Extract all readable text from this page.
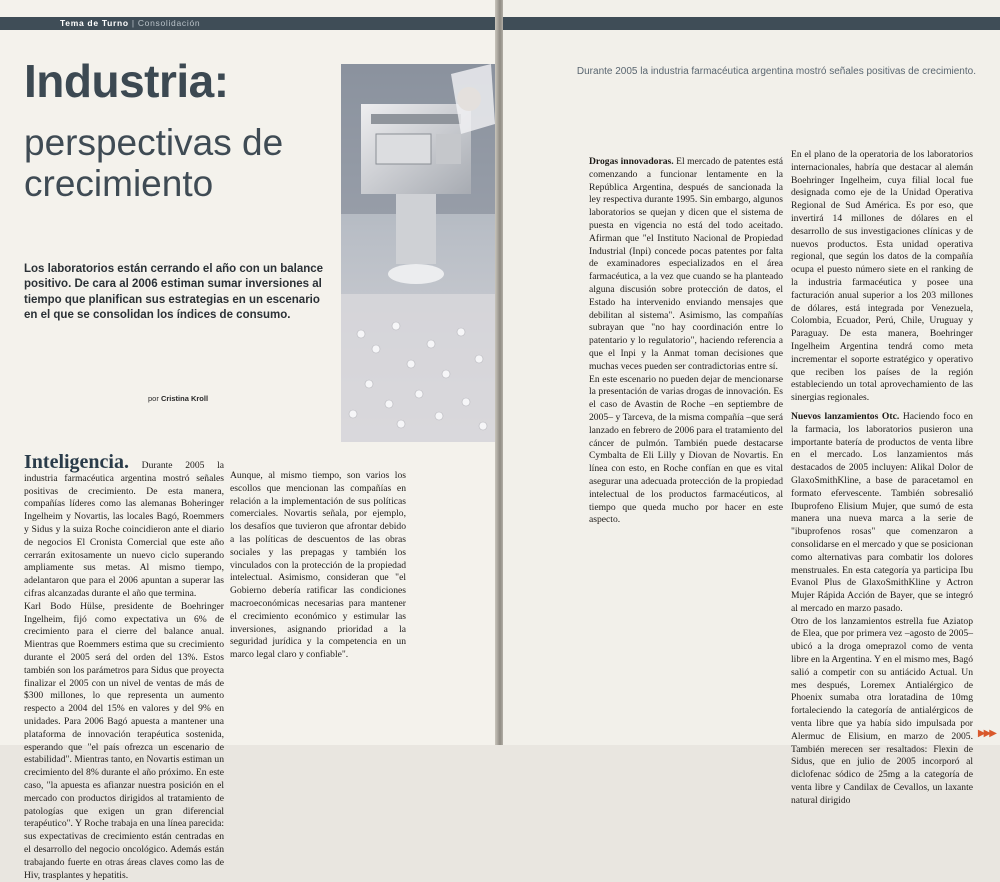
Tema de Turno | Consolidación
Industria:
perspectivas de crecimiento

Los laboratorios están cerrando el año con un balance positivo. De cara al 2006 estiman sumar inversiones al tiempo que planifican sus estrategias en un escenario en el que se consolidan los índices de consumo.

por Cristina Kroll

Inteligencia. Durante 2005 la industria farmacéutica argentina mostró señales positivas de crecimiento. De esta manera, compañías líderes como las alemanas Boheringer Ingelheim y Novartis, las locales Bagó, Roemmers y Sidus y la suiza Roche coincidieron ante el diario de negocios El Cronista Comercial que este año cerrarán exitosamente un nuevo ciclo superando ampliamente sus metas. Al mismo tiempo, adelantaron que para el 2006 apuntan a superar las cifras alcanzadas durante el año que termina.

Karl Bodo Hülse, presidente de Boehringer Ingelheim, fijó como expectativa un 6% de crecimiento para el cierre del balance anual. Mientras que Roemmers estima que su crecimiento durante el 2005 será del orden del 13%. Estos también son los parámetros para Sidus que proyecta finalizar el 2005 con un nivel de ventas de más de $300 millones, lo que representa un aumento respecto a 2004 del 15% en valores y del 9% en unidades. Para 2006 Bagó apuesta a mantener una plataforma de innovación terapéutica sostenida, esperando que "el país ofrezca un escenario de estabilidad". Mientras tanto, en Novartis estiman un crecimiento del 8% durante el año próximo. En este caso, "la apuesta es afianzar nuestra posición en el mercado con productos dirigidos al tratamiento de patologías que exigen un gran diferencial terapéutico". Y Roche trabaja en una línea parecida: sus expectativas de crecimiento están centradas en el desarrollo del negocio oncológico. Además están trabajando fuerte en otras áreas claves como las de Hiv, trasplantes y hepatitis.

Aunque, al mismo tiempo, son varios los escollos que mencionan las compañías en relación a la implementación de sus políticas comerciales. Novartis señala, por ejemplo, los desafíos que tuvieron que afrontar debido a las políticas de descuentos de las obras sociales y las prepagas y también los vinculados con la protección de la propiedad intelectual. Asimismo, consideran que "el Gobierno debería ratificar las condiciones macroeconómicas necesarias para mantener el crecimiento económico y estimular las inversiones, asignando prioridad a la seguridad jurídica y la competencia en un marco legal claro y confiable".

Durante 2005 la industria farmacéutica argentina mostró señales positivas de crecimiento.

Drogas innovadoras. El mercado de patentes está comenzando a funcionar lentamente en la República Argentina, después de sancionada la ley respectiva durante 1995. Sin embargo, algunos laboratorios se quejan y dicen que el sistema de puesta en vigencia no está del todo aceitado. Afirman que "el Instituto Nacional de Propiedad Industrial (Inpi) concede pocas patentes por falta de examinadores especializados en el área farmacéutica, a la vez que cuando se ha planteado alguna discusión sobre protección de datos, el Estado ha intervenido enviando mensajes que debilitan al sistema". Asimismo, las compañías subrayan que "no hay coordinación entre lo patentario y lo regulatorio", haciendo referencia a que el Inpi y la Anmat toman decisiones que muchas veces pueden ser contradictorias entre sí.

En este escenario no pueden dejar de mencionarse la presentación de varias drogas de innovación. Es el caso de Avastin de Roche –en septiembre de 2005– y Tarceva, de la misma compañía –que será lanzado en febrero de 2006 para el tratamiento del cáncer de pulmón. También puede destacarse Cymbalta de Eli Lilly y Diovan de Novartis. En línea con esto, en Roche confían en que es vital asegurar una adecuada protección de la propiedad intelectual de los productos farmacéuticos, al tiempo que queda mucho por hacer en este aspecto.

En el plano de la operatoria de los laboratorios internacionales, habría que destacar al alemán Boehringer Ingelheim, cuya filial local fue designada como eje de la Unidad Operativa Regional de Sud América. Es por eso, que invertirá 14 millones de dólares en el desarrollo de sus investigaciones clínicas y de nuevos productos. Esta unidad operativa regional, que según los datos de la compañía ocupa el puesto número siete en el ranking de la industria farmacéutica y posee una facturación anual superior a los 203 millones de dólares, está integrada por Venezuela, Colombia, Ecuador, Perú, Chile, Uruguay y Paraguay. De esta manera, Boehringer Ingelheim Argentina tendrá como meta incrementar el soporte estratégico y operativo que reciben los países de la región estableciendo un total aprovechamiento de las sinergias regionales.

Nuevos lanzamientos Otc. Haciendo foco en la farmacia, los laboratorios pusieron una importante batería de productos de venta libre en el mercado. Los lanzamientos más destacados de 2005 incluyen: Alikal Dolor de GlaxoSmithKline, a base de paracetamol en formato efervescente. También sobresalió Ibuprofeno Elisium Mujer, que sumó de esta manera una nueva marca a la serie de "ibuprofenos rosas" que comenzaron a consolidarse en el mercado y que se posicionan como alternativas para combatir los dolores menstruales. En esta categoría ya participa Ibu Evanol Plus de GlaxoSmithKline y Actron Mujer Rápida Acción de Bayer, que se integró al mercado en marzo pasado.

Otro de los lanzamientos estrella fue Aziatop de Elea, que por primera vez –agosto de 2005– ubicó a la droga omeprazol como de venta libre en la Argentina. Y en el mismo mes, Bagó salió a competir con su antiácido Actual. Un mes después, Loremex Antialérgico de Phoenix sumaba otra loratadina de 10mg fortaleciendo la categoría de antialérgicos de venta libre que ya había sido impulsada por Alermuc de Elisium, en marzo de 2005. También merecen ser resaltados: Flexin de Sidus, que en julio de 2005 incorporó al diclofenac sódico de 25mg a la categoría de venta libre y Candilax de Cevallos, un laxante natural dirigido

▶▶▶
